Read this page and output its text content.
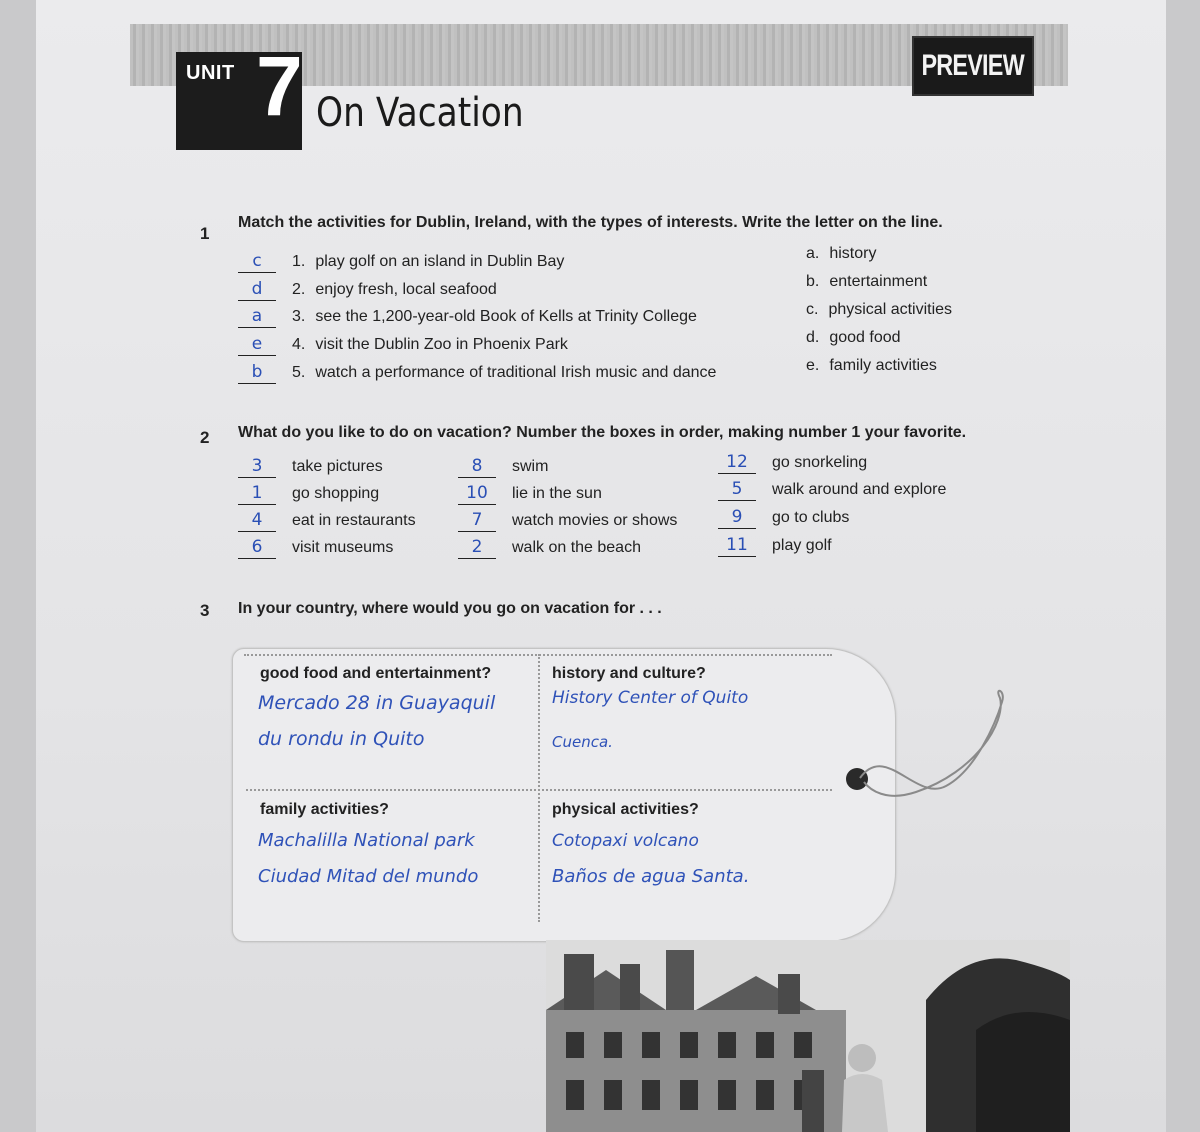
UNIT 7 On Vacation
PREVIEW
1
Match the activities for Dublin, Ireland, with the types of interests. Write the letter on the line.
c	1. play golf on an island in Dublin Bay
d	2. enjoy fresh, local seafood
a	3. see the 1,200-year-old Book of Kells at Trinity College
e	4. visit the Dublin Zoo in Phoenix Park
b	5. watch a performance of traditional Irish music and dance
a. history
b. entertainment
c. physical activities
d. good food
e. family activities
2 What do you like to do on vacation? Number the boxes in order, making number 1 your favorite.
3	take pictures
1	go shopping
4	eat in restaurants
6	visit museums
8	swim
10	lie in the sun
7	watch movies or shows
2	walk on the beach
12	go snorkeling
5	walk around and explore
9	go to clubs
11	play golf
3 In your country, where would you go on vacation for . . .
good food and entertainment?
Mercado 28 in Guayaquil
du rondu in Quito
history and culture?
History Center of Quito
Cuenca.
family activities?
Machalilla National park
Ciudad Mitad del mundo
physical activities?
Cotopaxi volcano
Baños de agua Santa.
